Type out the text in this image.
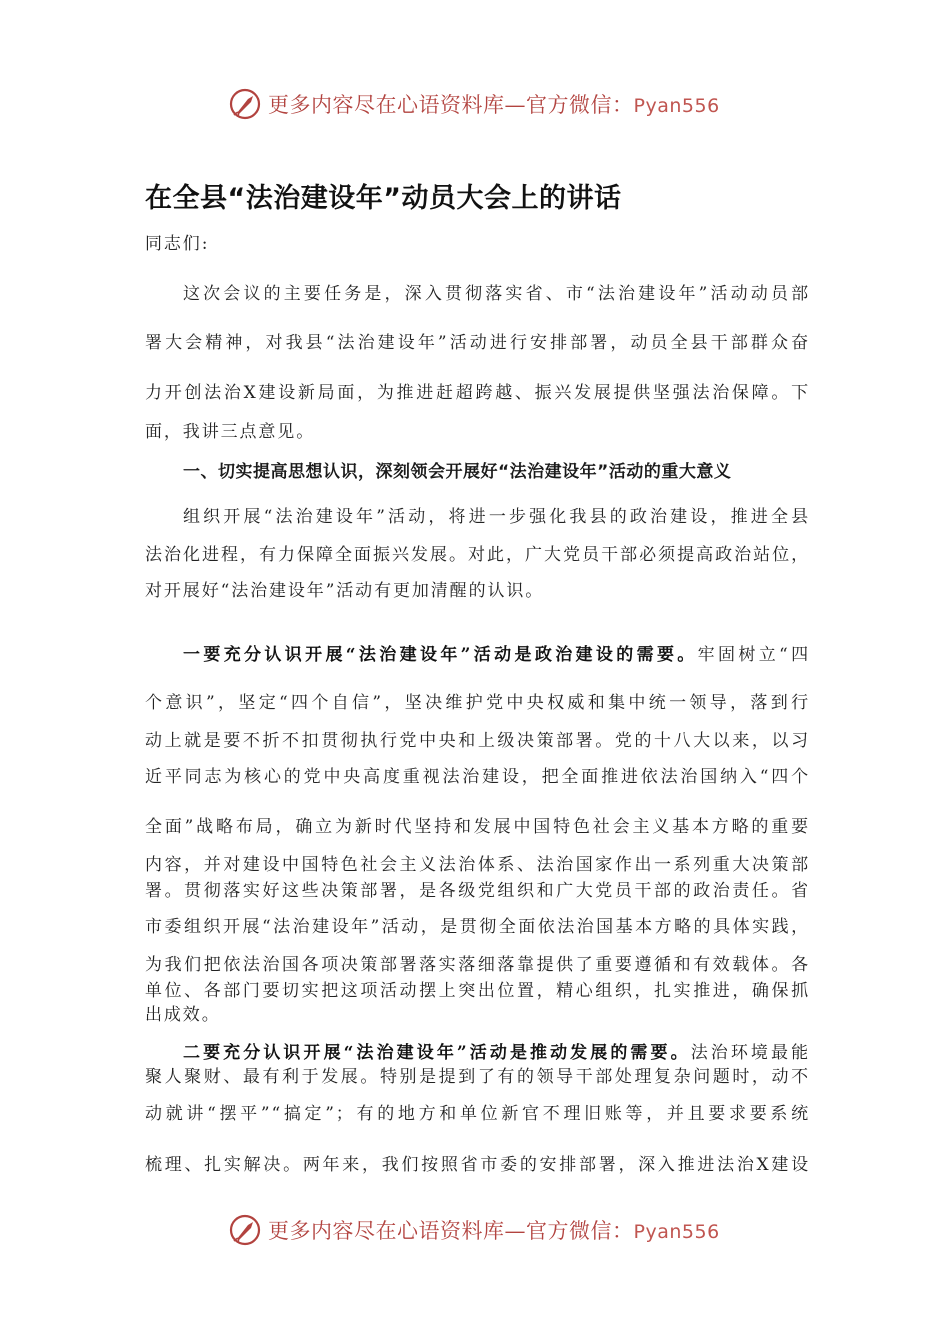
更多内容尽在心语资料库—官方微信：Pyan556
在全县“法治建设年”动员大会上的讲话
同志们:
这次会议的主要任务是，深入贯彻落实省、市“法治建设年”活动动员部
署大会精神，对我县“法治建设年”活动进行安排部署，动员全县干部群众奋
力开创法治X建设新局面，为推进赶超跨越、振兴发展提供坚强法治保障。下
面，我讲三点意见。
一、切实提高思想认识，深刻领会开展好“法治建设年”活动的重大意义
组织开展“法治建设年”活动，将进一步强化我县的政治建设，推进全县
法治化进程，有力保障全面振兴发展。对此，广大党员干部必须提高政治站位，
对开展好“法治建设年”活动有更加清醒的认识。
一要充分认识开展“法治建设年”活动是政治建设的需要。牢固树立“四
个意识”，坚定“四个自信”，坚决维护党中央权威和集中统一领导，落到行
动上就是要不折不扣贯彻执行党中央和上级决策部署。党的十八大以来，以习
近平同志为核心的党中央高度重视法治建设，把全面推进依法治国纳入“四个
全面”战略布局，确立为新时代坚持和发展中国特色社会主义基本方略的重要
内容，并对建设中国特色社会主义法治体系、法治国家作出一系列重大决策部
署。贯彻落实好这些决策部署，是各级党组织和广大党员干部的政治责任。省
市委组织开展“法治建设年”活动，是贯彻全面依法治国基本方略的具体实践，
为我们把依法治国各项决策部署落实落细落靠提供了重要遵循和有效载体。各
单位、各部门要切实把这项活动摆上突出位置，精心组织，扎实推进，确保抓
出成效。
二要充分认识开展“法治建设年”活动是推动发展的需要。法治环境最能
聚人聚财、最有利于发展。特别是提到了有的领导干部处理复杂问题时，动不
动就讲“摆平”“搞定”；有的地方和单位新官不理旧账等，并且要求要系统
梳理、扎实解决。两年来，我们按照省市委的安排部署，深入推进法治X建设
更多内容尽在心语资料库—官方微信：Pyan556
